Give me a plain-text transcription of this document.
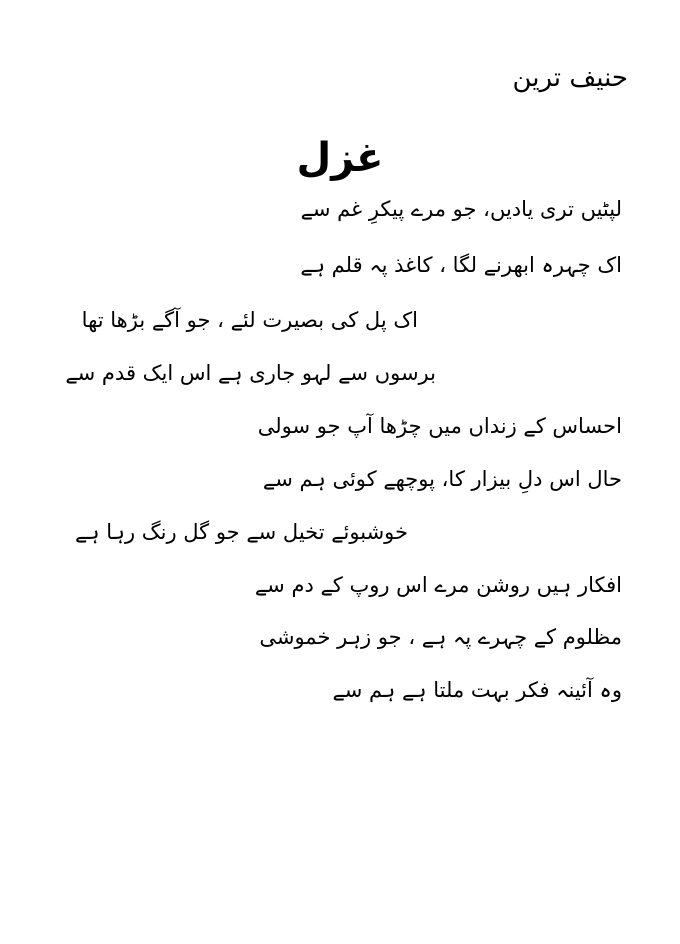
حنیف ترین
غزل
لپٹیں تری یادیں، جو مرے پیکرِ غم سے
اک چہرہ ابھرنے لگا ، کاغذ پہ قلم ہے
اک پل کی بصیرت لئے ، جو آگے بڑھا تھا
برسوں سے لہو جاری ہے اس ایک قدم سے
احساس کے زنداں میں چڑھا آپ جو سولی
حال اس دلِ بیزار کا، پوچھے کوئی ہم سے
خوشبوئے تخیل سے جو گل رنگ رہا ہے
افکار ہیں روشن مرے اس روپ کے دم سے
مظلوم کے چہرے پہ ہے ، جو زہر خموشی
وہ آئینہ فکر بہت ملتا ہے ہم سے
